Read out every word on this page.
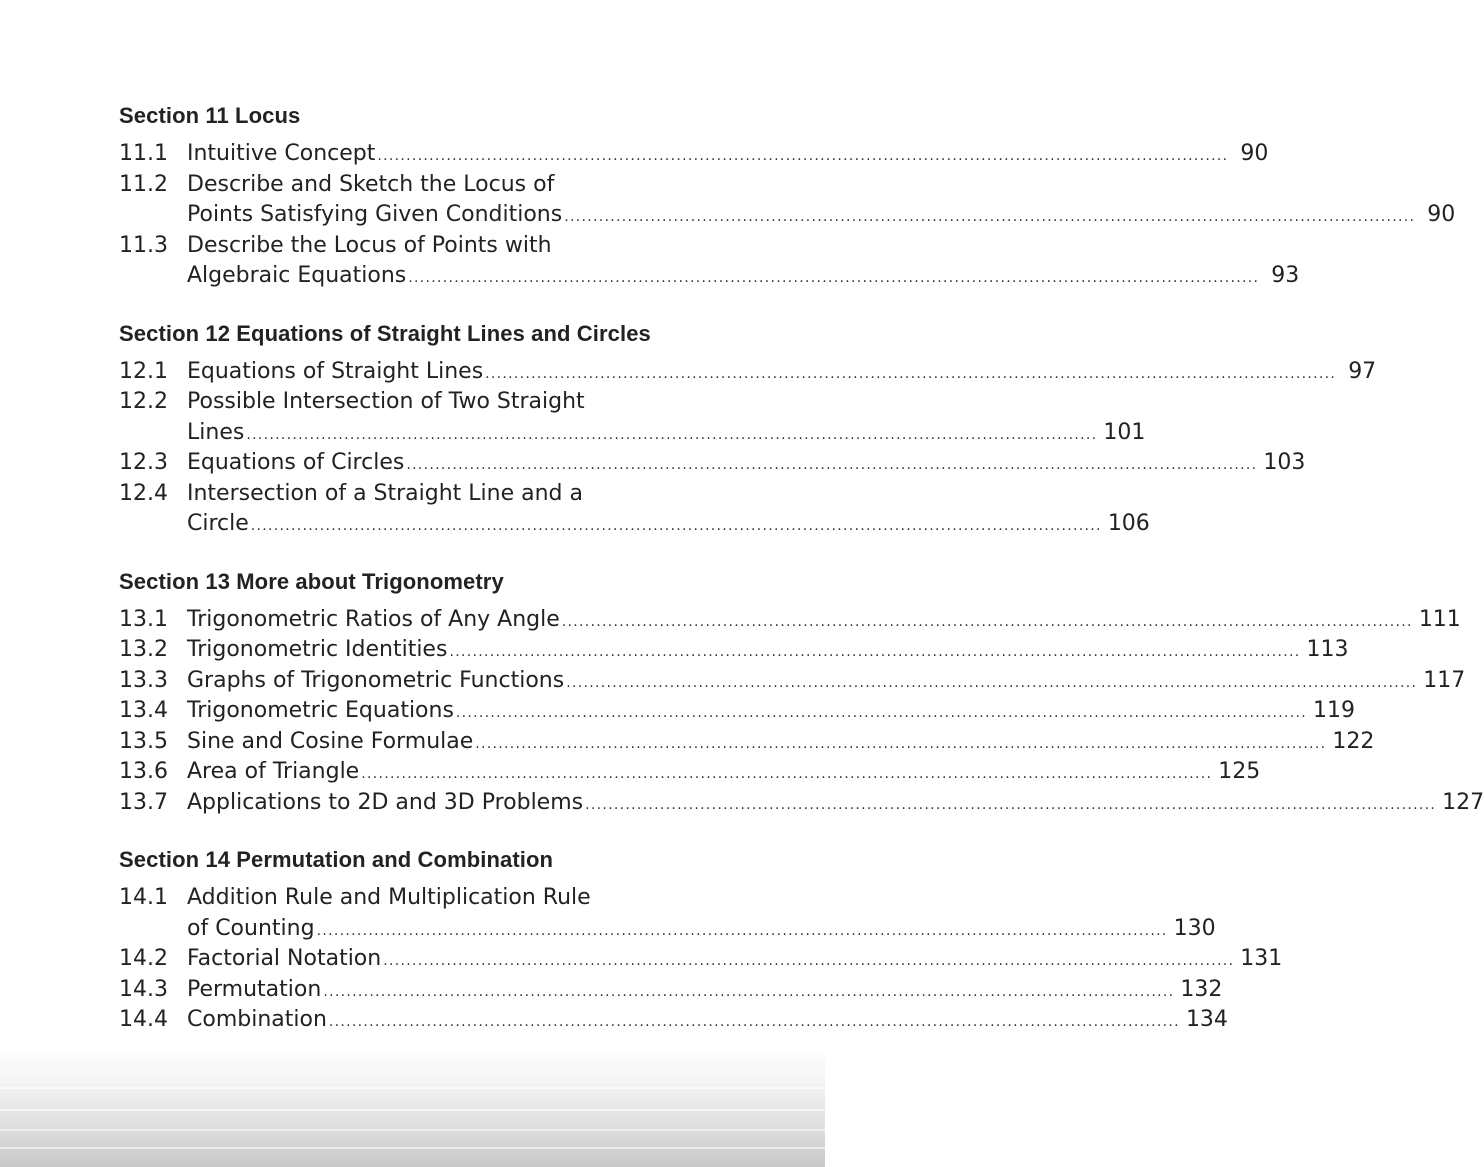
Section 11 Locus
11.1 Intuitive Concept .....	90
11.2 Describe and Sketch the Locus of
Points Satisfying Given Conditions .....	90
11.3 Describe the Locus of Points with
Algebraic Equations .....	93
Section 12 Equations of Straight Lines and Circles
12.1 Equations of Straight Lines .....	97
12.2 Possible Intersection of Two Straight
Lines .....	101
12.3 Equations of Circles .....	103
12.4 Intersection of a Straight Line and a
Circle .....	106
Section 13 More about Trigonometry
13.1 Trigonometric Ratios of Any Angle .....	111
13.2 Trigonometric Identities .....	113
13.3 Graphs of Trigonometric Functions .....	117
13.4 Trigonometric Equations .....	119
13.5 Sine and Cosine Formulae .....	122
13.6 Area of Triangle .....	125
13.7 Applications to 2D and 3D Problems .....	127
Section 14 Permutation and Combination
14.1 Addition Rule and Multiplication Rule
of Counting .....	130
14.2 Factorial Notation .....	131
14.3 Permutation .....	132
14.4 Combination .....	134
